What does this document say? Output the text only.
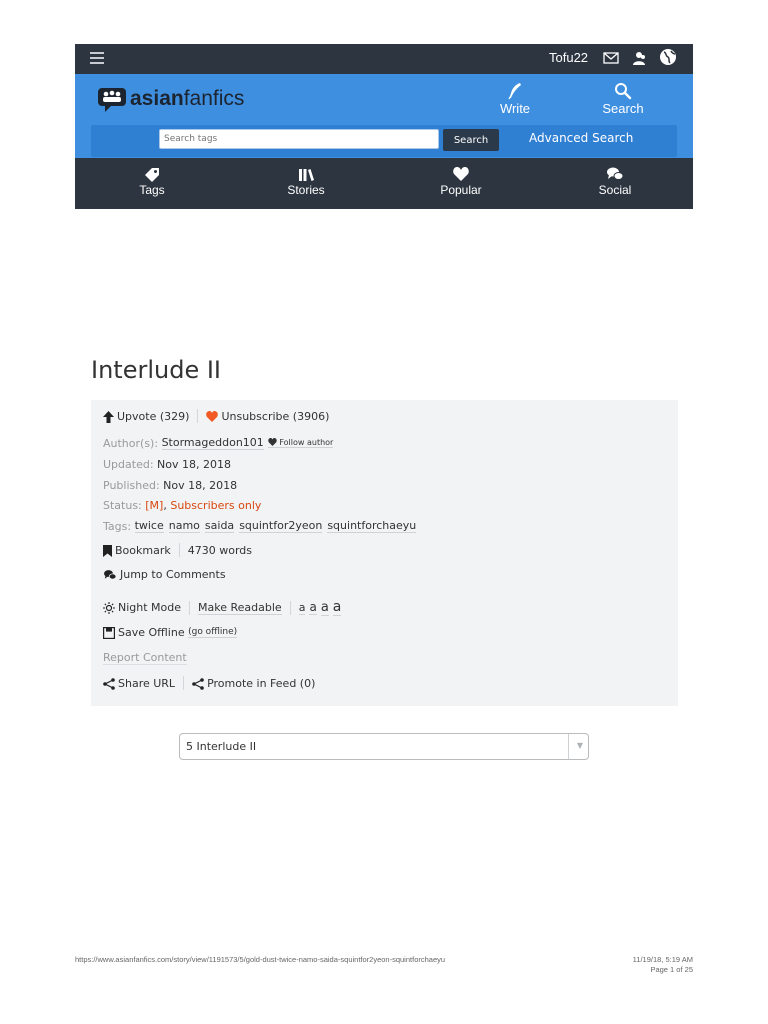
Tofu22
asian fanfics	Write	Search
Search tags
Search	Advanced Search
Tags	Stories	Popular	Social
Interlude II
Upvote (329)	Unsubscribe (3906)
Author(s):
Stormageddon101	Follow author
Updated:
Nov 18, 2018
Published:
Nov 18, 2018
Status:
[M] ,
Subscribers only
Tags:
twice namo saida squintfor2yeon squintforchaeyu
Bookmark 4730 words
Jump to Comments
Night Mode Make Readable a a a a
Save Offline
(go offline)
Report Content
Share URL	Promote in Feed (0)
5 Interlude II	▼
https://www.asianfanfics.com/story/view/1191573/5/gold-dust-twice-namo-saida-squintfor2yeon-squintforchaeyu	11/19/18, 5:19 AM
Page 1 of 25
